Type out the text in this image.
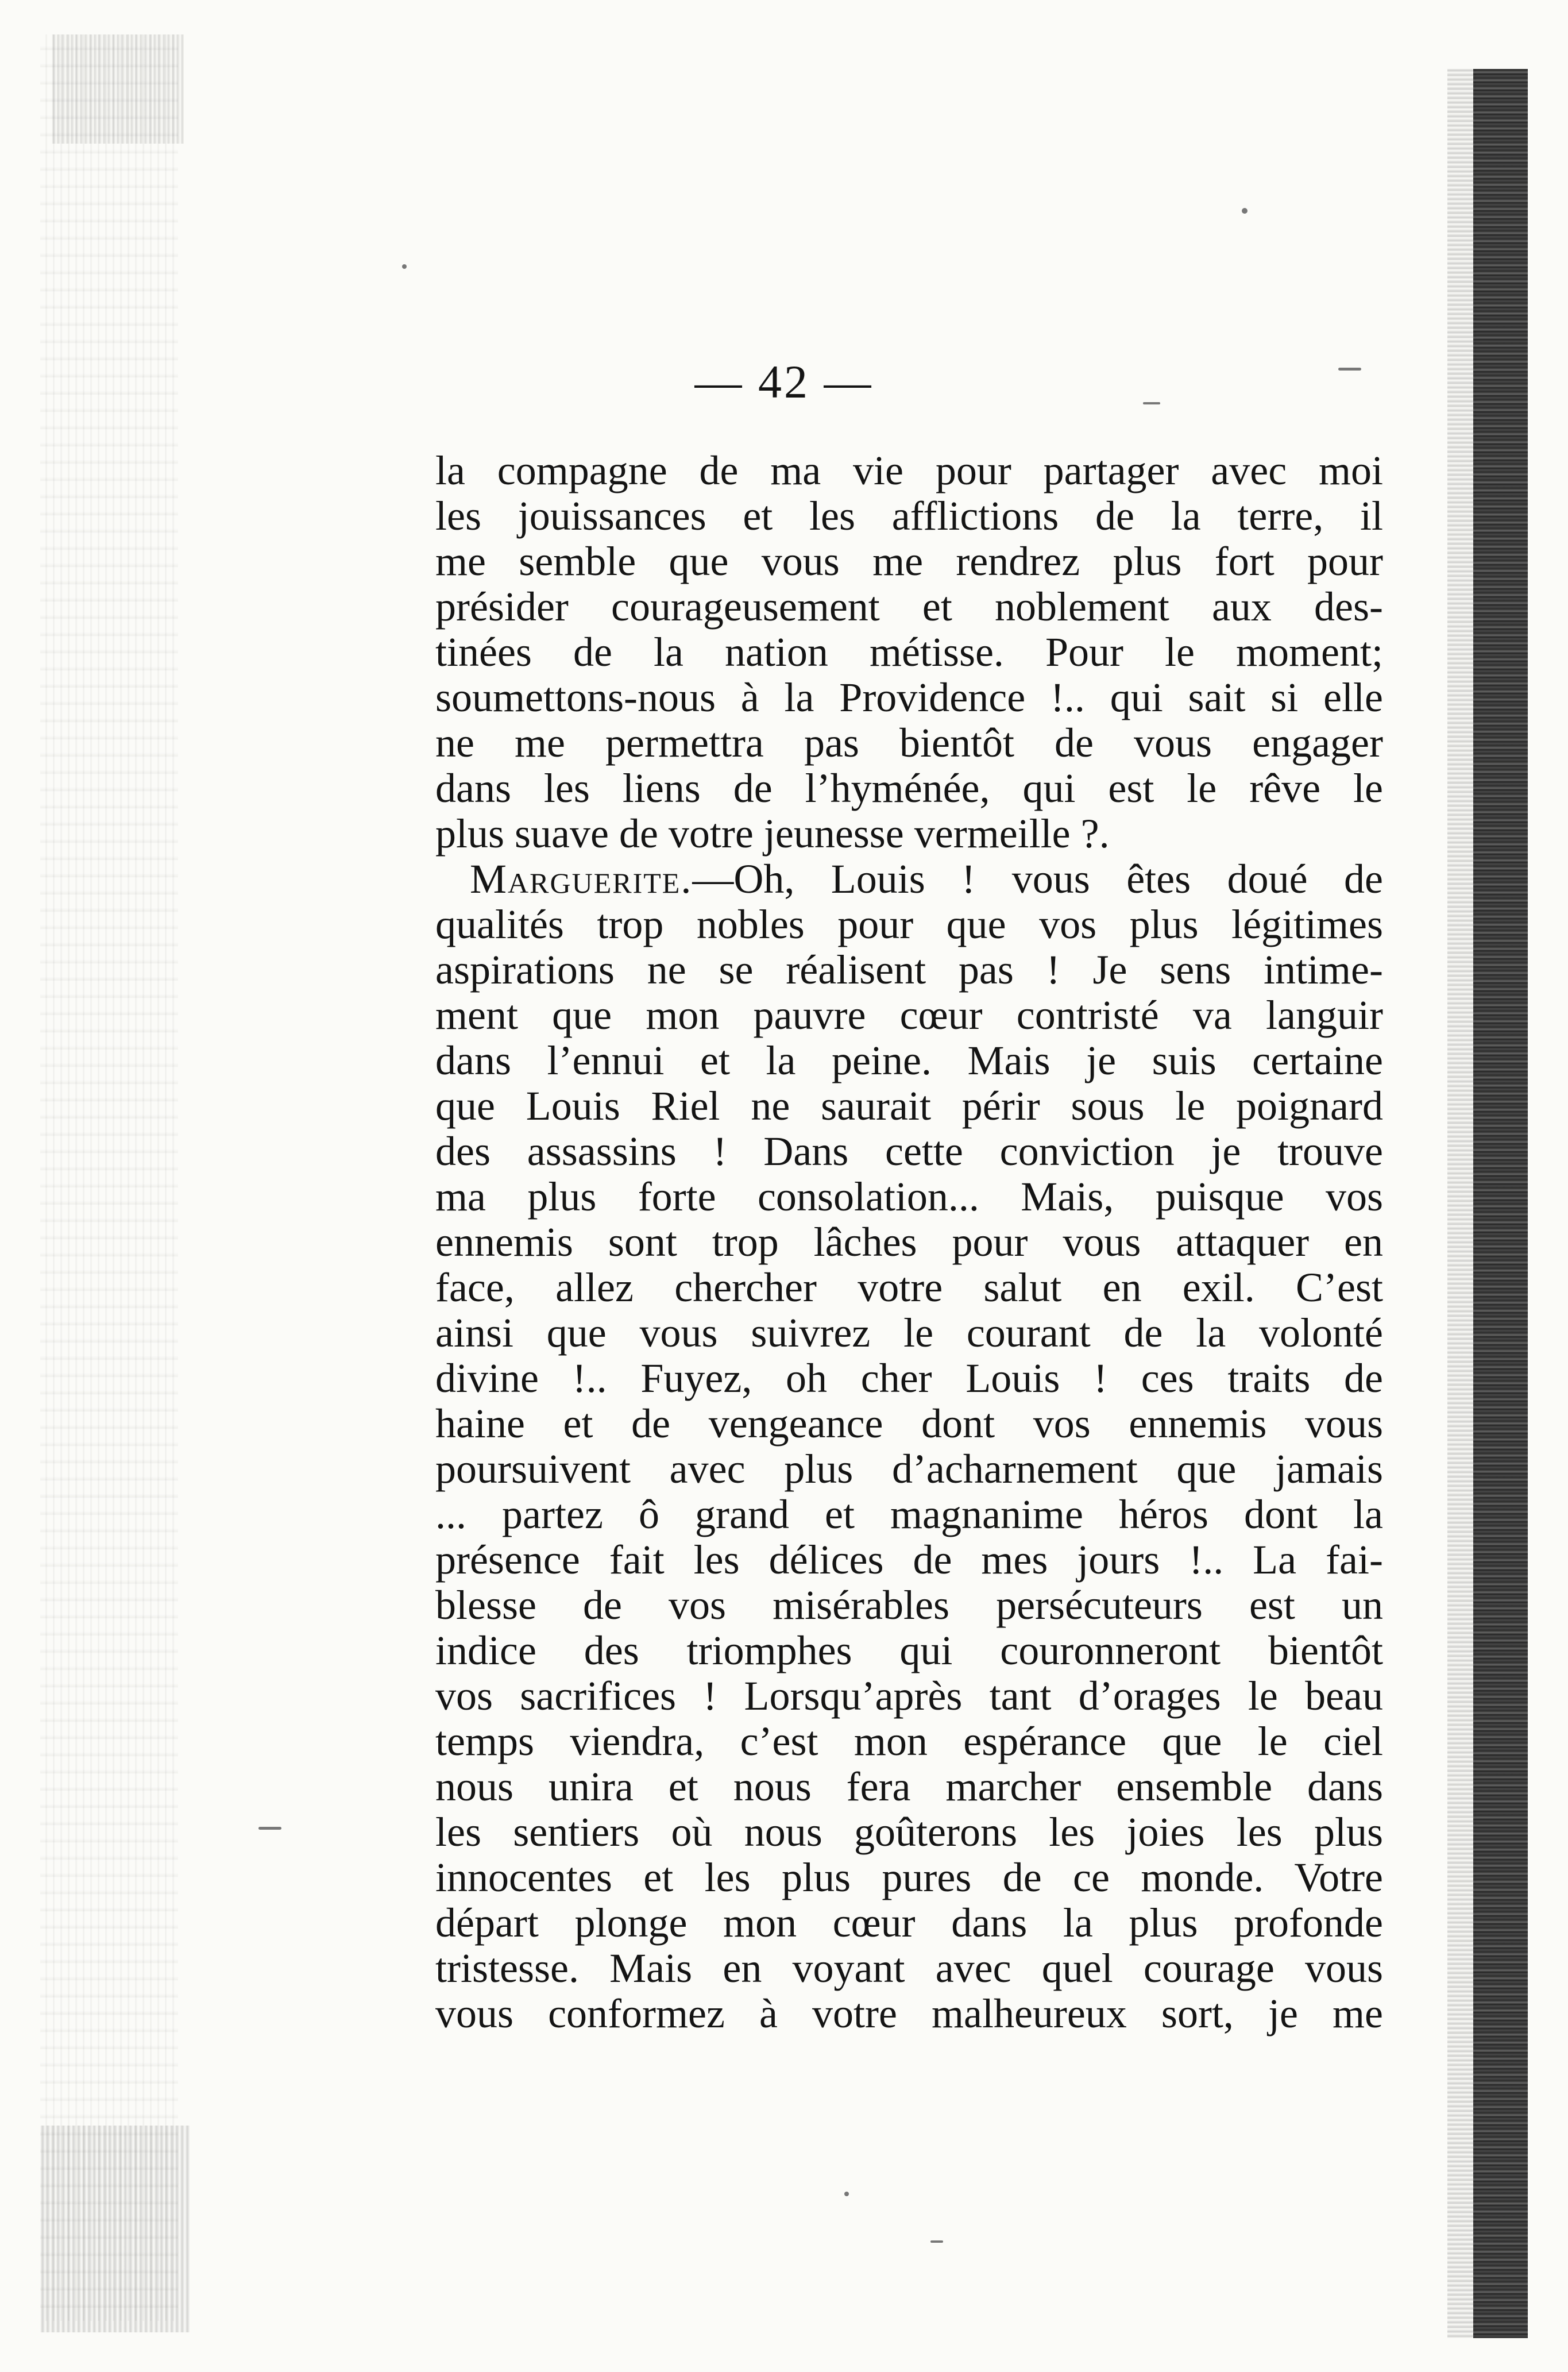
— 42 —
la compagne de ma vie pour partager avec moi
les jouissances et les afflictions de la terre, il
me semble que vous me rendrez plus fort pour
présider courageusement et noblement aux des-
tinées de la nation métisse. Pour le moment;
soumettons-nous à la Providence !.. qui sait si elle
ne me permettra pas bientôt de vous engager
dans les liens de l’hyménée, qui est le rêve le
plus suave de votre jeunesse vermeille ?.
Marguerite.—Oh, Louis ! vous êtes doué de
qualités trop nobles pour que vos plus légitimes
aspirations ne se réalisent pas ! Je sens intime-
ment que mon pauvre cœur contristé va languir
dans l’ennui et la peine. Mais je suis certaine
que Louis Riel ne saurait périr sous le poignard
des assassins ! Dans cette conviction je trouve
ma plus forte consolation... Mais, puisque vos
ennemis sont trop lâches pour vous attaquer en
face, allez chercher votre salut en exil. C’est
ainsi que vous suivrez le courant de la volonté
divine !.. Fuyez, oh cher Louis ! ces traits de
haine et de vengeance dont vos ennemis vous
poursuivent avec plus d’acharnement que jamais
... partez ô grand et magnanime héros dont la
présence fait les délices de mes jours !.. La fai-
blesse de vos misérables persécuteurs est un
indice des triomphes qui couronneront bientôt
vos sacrifices ! Lorsqu’après tant d’orages le beau
temps viendra, c’est mon espérance que le ciel
nous unira et nous fera marcher ensemble dans
les sentiers où nous goûterons les joies les plus
innocentes et les plus pures de ce monde. Votre
départ plonge mon cœur dans la plus profonde
tristesse. Mais en voyant avec quel courage vous
vous conformez à votre malheureux sort, je me
